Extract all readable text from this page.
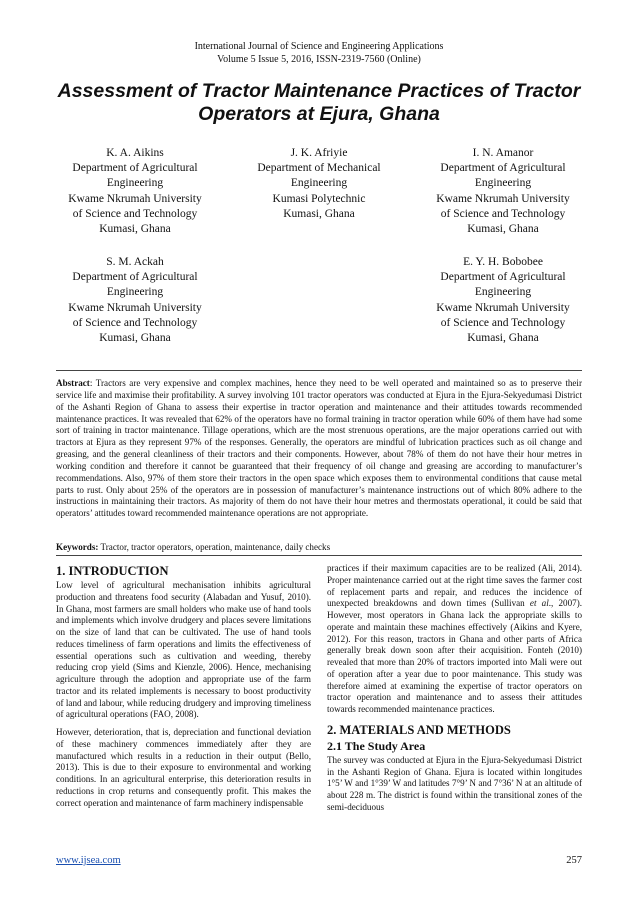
International Journal of Science and Engineering Applications
Volume 5 Issue 5, 2016, ISSN-2319-7560 (Online)
Assessment of Tractor Maintenance Practices of Tractor
Operators at Ejura, Ghana
K. A. Aikins
Department of Agricultural
Engineering
Kwame Nkrumah University
of Science and Technology
Kumasi, Ghana
J. K. Afriyie
Department of Mechanical
Engineering
Kumasi Polytechnic
Kumasi, Ghana
I. N. Amanor
Department of Agricultural
Engineering
Kwame Nkrumah University
of Science and Technology
Kumasi, Ghana
S. M. Ackah
Department of Agricultural
Engineering
Kwame Nkrumah University
of Science and Technology
Kumasi, Ghana
E. Y. H. Bobobee
Department of Agricultural
Engineering
Kwame Nkrumah University
of Science and Technology
Kumasi, Ghana
Abstract: Tractors are very expensive and complex machines, hence they need to be well operated and maintained so as to preserve their service life and maximise their profitability. A survey involving 101 tractor operators was conducted at Ejura in the Ejura-Sekyedumasi District of the Ashanti Region of Ghana to assess their expertise in tractor operation and maintenance and their attitudes towards recommended maintenance practices. It was revealed that 62% of the operators have no formal training in tractor operation while 60% of them have had some sort of training in tractor maintenance. Tillage operations, which are the most strenuous operations, are the major operations carried out with tractors at Ejura as they represent 97% of the responses. Generally, the operators are mindful of lubrication practices such as oil change and greasing, and the general cleanliness of their tractors and their components. However, about 78% of them do not have their hour metres in working condition and therefore it cannot be guaranteed that their frequency of oil change and greasing are according to manufacturer’s recommendations. Also, 97% of them store their tractors in the open space which exposes them to environmental conditions that cause metal parts to rust. Only about 25% of the operators are in possession of manufacturer’s maintenance instructions out of which 80% adhere to the instructions in maintaining their tractors. As majority of them do not have their hour metres and thermostats operational, it could be said that operators’ attitudes toward recommended maintenance operations are not appropriate.
Keywords: Tractor, tractor operators, operation, maintenance, daily checks
1. INTRODUCTION

Low level of agricultural mechanisation inhibits agricultural production and threatens food security (Alabadan and Yusuf, 2010). In Ghana, most farmers are small holders who make use of hand tools and implements which involve drudgery and places severe limitations on the size of land that can be cultivated. The use of hand tools reduces timeliness of farm operations and limits the effectiveness of essential operations such as cultivation and weeding, thereby reducing crop yield (Sims and Kienzle, 2006). Hence, mechanising agriculture through the adoption and appropriate use of the farm tractor and its related implements is necessary to boost productivity of land and labour, while reducing drudgery and improving timeliness of agricultural operations (FAO, 2008).

However, deterioration, that is, depreciation and functional deviation of these machinery commences immediately after they are manufactured which results in a reduction in their output (Bello, 2013). This is due to their exposure to environmental and working conditions. In an agricultural enterprise, this deterioration results in reductions in crop returns and consequently profit. This makes the correct operation and maintenance of farm machinery indispensable

practices if their maximum capacities are to be realized (Ali, 2014). Proper maintenance carried out at the right time saves the farmer cost of replacement parts and repair, and reduces the incidence of unexpected breakdowns and down times (Sullivan et al., 2007). However, most operators in Ghana lack the appropriate skills to operate and maintain these machines effectively (Aikins and Kyere, 2012). For this reason, tractors in Ghana and other parts of Africa generally break down soon after their acquisition. Fonteh (2010) revealed that more than 20% of tractors imported into Mali were out of operation after a year due to poor maintenance. This study was therefore aimed at examining the expertise of tractor operators on tractor operation and maintenance and to assess their attitudes towards recommended maintenance practices.

2. MATERIALS AND METHODS
2.1 The Study Area

The survey was conducted at Ejura in the Ejura-Sekyedumasi District in the Ashanti Region of Ghana. Ejura is located within longitudes 1°5’ W and 1°39’ W and latitudes 7°9’ N and 7°36’ N at an altitude of about 228 m. The district is found within the transitional zones of the semi-deciduous

www.ijsea.com	257
